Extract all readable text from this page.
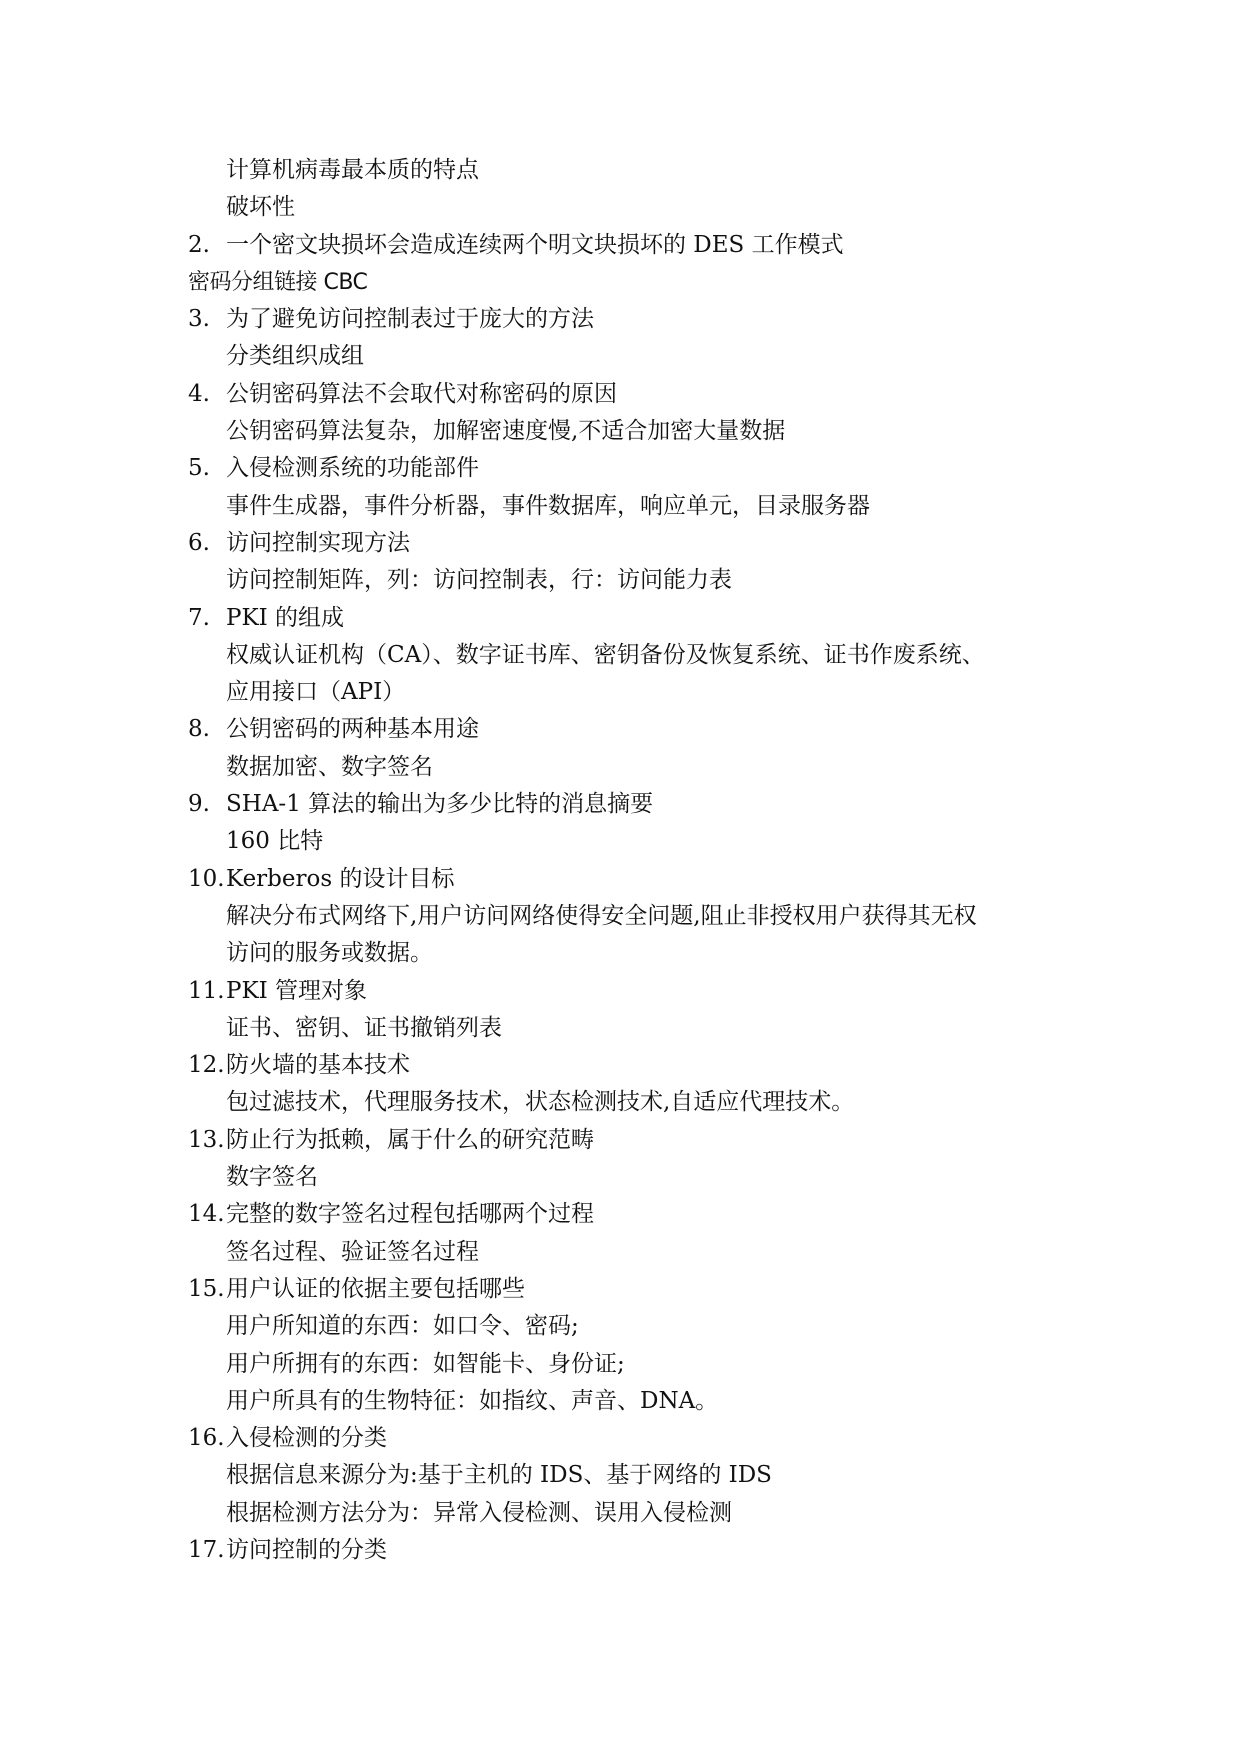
计算机病毒最本质的特点
破坏性
2. 一个密文块损坏会造成连续两个明文块损坏的 DES 工作模式
密码分组链接 CBC
3. 为了避免访问控制表过于庞大的方法
分类组织成组
4. 公钥密码算法不会取代对称密码的原因
公钥密码算法复杂，加解密速度慢,不适合加密大量数据
5. 入侵检测系统的功能部件
事件生成器，事件分析器，事件数据库，响应单元，目录服务器
6. 访问控制实现方法
访问控制矩阵，列：访问控制表，行：访问能力表
7. PKI 的组成
权威认证机构（CA）、数字证书库、密钥备份及恢复系统、证书作废系统、
应用接口（API）
8. 公钥密码的两种基本用途
数据加密、数字签名
9. SHA-1 算法的输出为多少比特的消息摘要
160 比特
10. Kerberos 的设计目标
解决分布式网络下,用户访问网络使得安全问题,阻止非授权用户获得其无权
访问的服务或数据。
11. PKI 管理对象
证书、密钥、证书撤销列表
12. 防火墙的基本技术
包过滤技术，代理服务技术，状态检测技术,自适应代理技术。
13. 防止行为抵赖，属于什么的研究范畴
数字签名
14. 完整的数字签名过程包括哪两个过程
签名过程、验证签名过程
15. 用户认证的依据主要包括哪些
用户所知道的东西：如口令、密码;
用户所拥有的东西：如智能卡、身份证;
用户所具有的生物特征：如指纹、声音、DNA。
16. 入侵检测的分类
根据信息来源分为:基于主机的 IDS、基于网络的 IDS
根据检测方法分为：异常入侵检测、误用入侵检测
17. 访问控制的分类
